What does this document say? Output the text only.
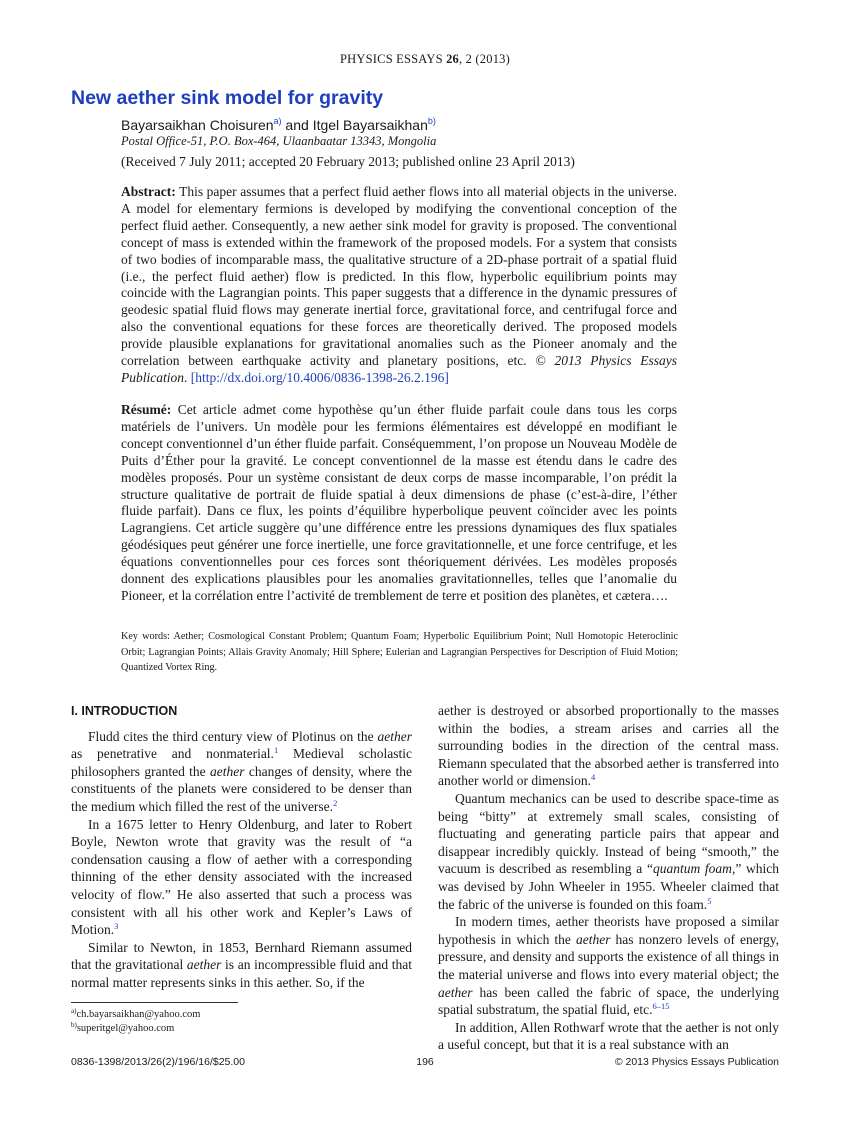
PHYSICS ESSAYS 26, 2 (2013)
New aether sink model for gravity
Bayarsaikhan Choisuren$^{a)}$ and Itgel Bayarsaikhan$^{b)}$
Postal Office-51, P.O. Box-464, Ulaanbaatar 13343, Mongolia
(Received 7 July 2011; accepted 20 February 2013; published online 23 April 2013)
Abstract: This paper assumes that a perfect fluid aether flows into all material objects in the universe. A model for elementary fermions is developed by modifying the conventional conception of the perfect fluid aether. Consequently, a new aether sink model for gravity is proposed. The conventional concept of mass is extended within the framework of the proposed models. For a system that consists of two bodies of incomparable mass, the qualitative structure of a 2D-phase portrait of a spatial fluid (i.e., the perfect fluid aether) flow is predicted. In this flow, hyperbolic equilibrium points may coincide with the Lagrangian points. This paper suggests that a difference in the dynamic pressures of geodesic spatial fluid flows may generate inertial force, gravitational force, and centrifugal force and also the conventional equations for these forces are theoretically derived. The proposed models provide plausible explanations for gravitational anomalies such as the Pioneer anomaly and the correlation between earthquake activity and planetary positions, etc. © 2013 Physics Essays Publication. [http://dx.doi.org/10.4006/0836-1398-26.2.196]
Résumé: Cet article admet come hypothèse qu’un éther fluide parfait coule dans tous les corps matériels de l’univers. Un modèle pour les fermions élémentaires est développé en modifiant le concept conventionnel d’un éther fluide parfait. Conséquemment, l’on propose un Nouveau Modèle de Puits d’Éther pour la gravité. Le concept conventionnel de la masse est étendu dans le cadre des modèles proposés. Pour un système consistant de deux corps de masse incomparable, l’on prédit la structure qualitative de portrait de fluide spatial à deux dimensions de phase (c’est-à-dire, l’éther fluide parfait). Dans ce flux, les points d’équilibre hyperbolique peuvent coïncider avec les points Lagrangiens. Cet article suggère qu’une différence entre les pressions dynamiques des flux spatiales géodésiques peut générer une force inertielle, une force gravitationnelle, et une force centrifuge, et les équations conventionnelles pour ces forces sont théoriquement dérivées. Les modèles proposés donnent des explications plausibles pour les anomalies gravitationnelles, telles que l’anomalie du Pioneer, et la corrélation entre l’activité de tremblement de terre et position des planètes, et cætera….
Key words: Aether; Cosmological Constant Problem; Quantum Foam; Hyperbolic Equilibrium Point; Null Homotopic Heteroclinic Orbit; Lagrangian Points; Allais Gravity Anomaly; Hill Sphere; Eulerian and Lagrangian Perspectives for Description of Fluid Motion; Quantized Vortex Ring.
I. INTRODUCTION

Fludd cites the third century view of Plotinus on the aether as penetrative and nonmaterial.$^1$ Medieval scholastic philosophers granted the aether changes of density, where the constituents of the planets were considered to be denser than the medium which filled the rest of the universe.$^2$

In a 1675 letter to Henry Oldenburg, and later to Robert Boyle, Newton wrote that gravity was the result of “a condensation causing a flow of aether with a corresponding thinning of the ether density associated with the increased velocity of flow.” He also asserted that such a process was consistent with all his other work and Kepler’s Laws of Motion.$^3$

Similar to Newton, in 1853, Bernhard Riemann assumed that the gravitational aether is an incompressible fluid and that normal matter represents sinks in this aether. So, if the

aether is destroyed or absorbed proportionally to the masses within the bodies, a stream arises and carries all the surrounding bodies in the direction of the central mass. Riemann speculated that the absorbed aether is transferred into another world or dimension.$^4$

Quantum mechanics can be used to describe space-time as being “bitty” at extremely small scales, consisting of fluctuating and generating particle pairs that appear and disappear incredibly quickly. Instead of being “smooth,” the vacuum is described as resembling a “quantum foam,” which was devised by John Wheeler in 1955. Wheeler claimed that the fabric of the universe is founded on this foam.$^5$

In modern times, aether theorists have proposed a similar hypothesis in which the aether has nonzero levels of energy, pressure, and density and supports the existence of all things in the material universe and flows into every material object; the aether has been called the fabric of space, the underlying spatial substratum, the spatial fluid, etc.$^{6-15}$

In addition, Allen Rothwarf wrote that the aether is not only a useful concept, but that it is a real substance with an

$^{a)}$ch.bayarsaikhan@yahoo.com
$^{b)}$superitgel@yahoo.com
0836-1398/2013/26(2)/196/16/$25.00	196	© 2013 Physics Essays Publication
